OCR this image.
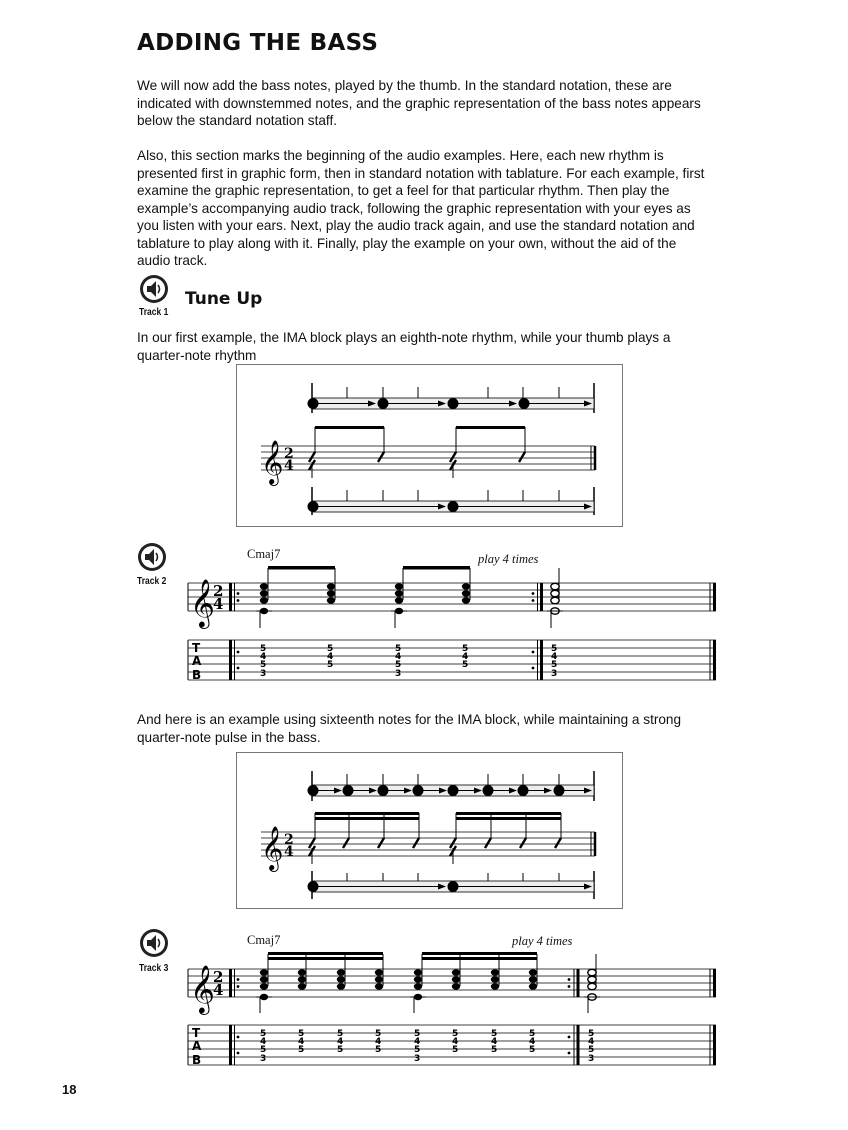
ADDING THE BASS

We will now add the bass notes, played by the thumb. In the standard notation, these are indicated with downstemmed notes, and the graphic representation of the bass notes appears below the standard notation staff.

Also, this section marks the beginning of the audio examples. Here, each new rhythm is presented first in graphic form, then in standard notation with tablature. For each example, first examine the graphic representation, to get a feel for that particular rhythm. Then play the example’s accompanying audio track, following the graphic representation with your eyes as you listen with your ears. Next, play the audio track again, and use the standard notation and tablature to play along with it. Finally, play the example on your own, without the aid of the audio track.

Track 1
Tune Up

In our first example, the IMA block plays an eighth-note rhythm, while your thumb plays a quarter-note rhythm

𝄞 2
4
Track 2
Cmaj7	play 4 times
𝄞
2
4
T
A
B
5
4
5
3
5
4
5
5
4
5
3
5
4
5
5
4
5
3

And here is an example using sixteenth notes for the IMA block, while maintaining a strong quarter-note pulse in the bass.

𝄞 2
4
Track 3
Cmaj7	play 4 times
𝄞
2
4
T
A
B
5
4
5
3
5
4
5
5
4
5
5
4
5
5
4
5
3
5
4
5
5
4
5
5
4
5
5
4
5
3
18
